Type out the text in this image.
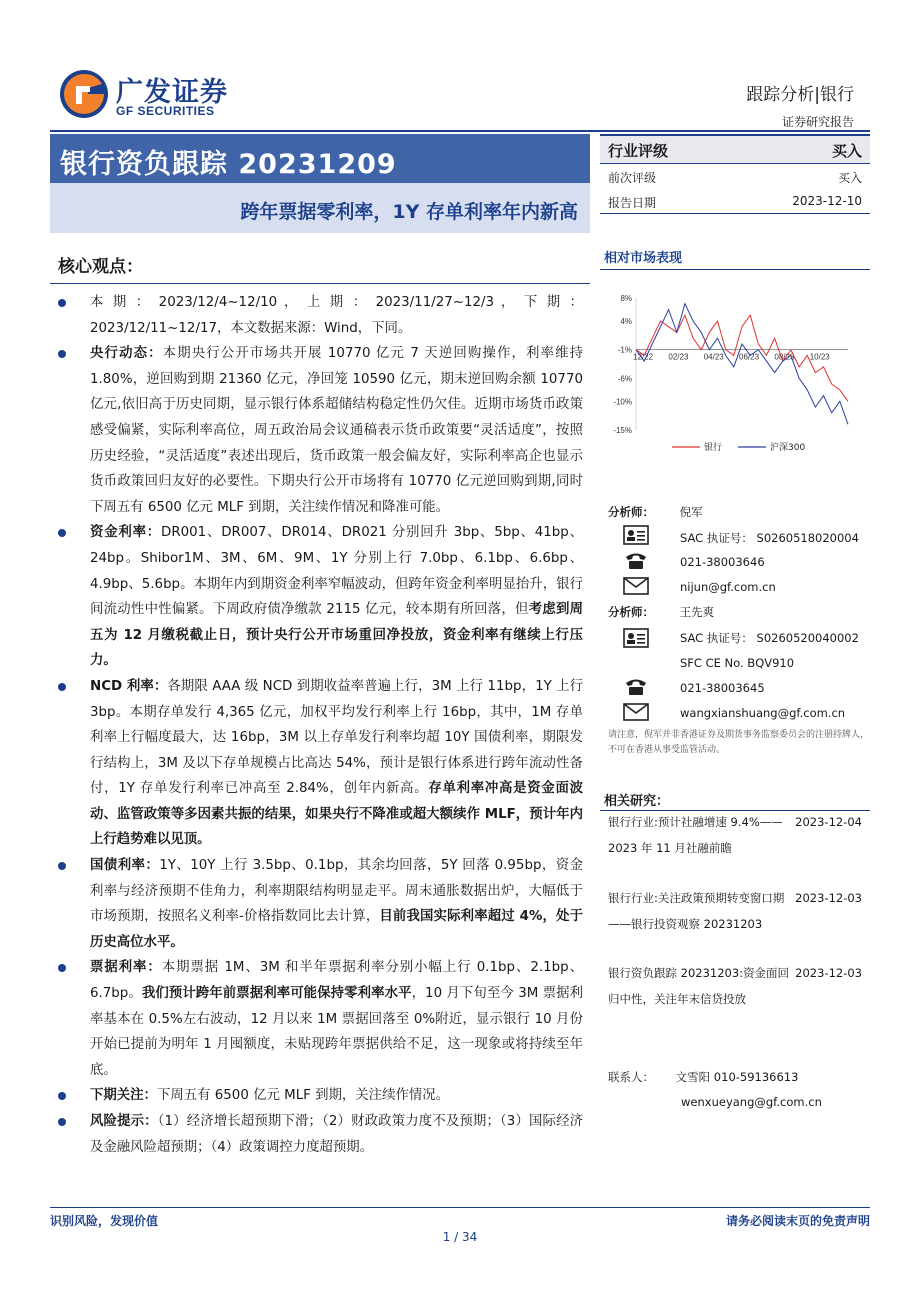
广发证券
GF SECURITIES
跟踪分析|银行
证券研究报告
银行资负跟踪 20231209
跨年票据零利率，1Y 存单利率年内新高
行业评级	买入
前次评级	买入
报告日期	2023-12-10
核心观点：
本 期 ： 2023/12/4~12/10 ， 上 期 ： 2023/11/27~12/3 ， 下 期 ： 2023/12/11~12/17，本文数据来源：Wind，下同。
央行动态：本期央行公开市场共开展 10770 亿元 7 天逆回购操作，利率维持 1.80%，逆回购到期 21360 亿元，净回笼 10590 亿元，期末逆回购余额 10770 亿元,依旧高于历史同期，显示银行体系超储结构稳定性仍欠佳。近期市场货币政策感受偏紧，实际利率高位，周五政治局会议通稿表示货币政策要“灵活适度”，按照历史经验，“灵活适度”表述出现后，货币政策一般会偏友好，实际利率高企也显示货币政策回归友好的必要性。下期央行公开市场将有 10770 亿元逆回购到期,同时下周五有 6500 亿元 MLF 到期，关注续作情况和降准可能。
资金利率：DR001、DR007、DR014、DR021 分别回升 3bp、5bp、41bp、24bp。Shibor1M、3M、6M、9M、1Y 分别上行 7.0bp、6.1bp、6.6bp、4.9bp、5.6bp。本期年内到期资金利率窄幅波动，但跨年资金利率明显抬升，银行间流动性中性偏紧。下周政府债净缴款 2115 亿元，较本期有所回落，但考虑到周五为 12 月缴税截止日，预计央行公开市场重回净投放，资金利率有继续上行压力。
NCD 利率：各期限 AAA 级 NCD 到期收益率普遍上行，3M 上行 11bp，1Y 上行 3bp。本期存单发行 4,365 亿元，加权平均发行利率上行 16bp，其中，1M 存单利率上行幅度最大，达 16bp，3M 以上存单发行利率均超 10Y 国债利率，期限发行结构上，3M 及以下存单规模占比高达 54%，预计是银行体系进行跨年流动性备付，1Y 存单发行利率已冲高至 2.84%，创年内新高。存单利率冲高是资金面波动、监管政策等多因素共振的结果，如果央行不降准或超大额续作 MLF，预计年内上行趋势难以见顶。
国债利率：1Y、10Y 上行 3.5bp、0.1bp，其余均回落，5Y 回落 0.95bp，资金利率与经济预期不佳角力，利率期限结构明显走平。周末通胀数据出炉，大幅低于市场预期，按照名义利率-价格指数同比去计算，目前我国实际利率超过 4%，处于历史高位水平。
票据利率：本期票据 1M、3M 和半年票据利率分别小幅上行 0.1bp、2.1bp、6.7bp。我们预计跨年前票据利率可能保持零利率水平，10 月下旬至今 3M 票据利率基本在 0.5%左右波动，12 月以来 1M 票据回落至 0%附近，显示银行 10 月份开始已提前为明年 1 月囤额度，未贴现跨年票据供给不足，这一现象或将持续至年底。
下期关注：下周五有 6500 亿元 MLF 到期，关注续作情况。
风险提示：（1）经济增长超预期下滑；（2）财政政策力度不及预期；（3）国际经济及金融风险超预期；（4）政策调控力度超预期。
相对市场表现
8%
4%
-1%
-6%
-10%
-15%
12/22 02/23 04/23 06/23 08/23 10/23
银行	沪深300
分析师： 倪军
SAC 执证号： S0260518020004
021-38003646
nijun@gf.com.cn
分析师： 王先爽
SAC 执证号： S0260520040002
SFC CE No. BQV910
021-38003645
wangxianshuang@gf.com.cn
请注意，倪军并非香港证券及期货事务监察委员会的注册持牌人，不可在香港从事受监管活动。
相关研究：
银行行业:预计社融增速 9.4%——2023 年 11 月社融前瞻
2023-12-04
银行行业:关注政策预期转变窗口期——银行投资观察 20231203
2023-12-03
银行资负跟踪 20231203:资金面回归中性，关注年末信贷投放
2023-12-03
联系人： 文雪阳 010-59136613
wenxueyang@gf.com.cn
识别风险，发现价值	请务必阅读末页的免责声明
1 / 34
